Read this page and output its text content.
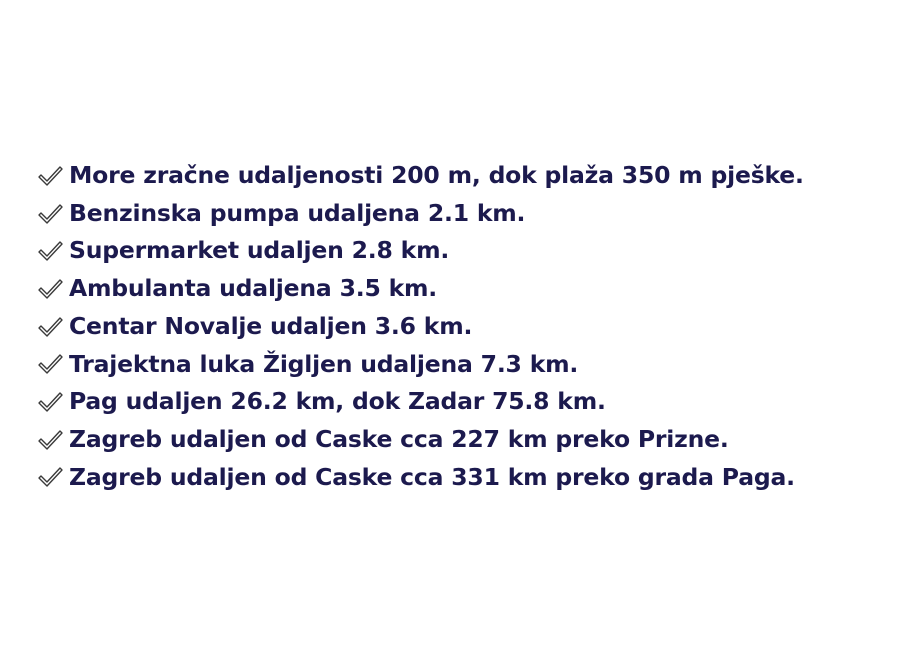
More zračne udaljenosti 200 m, dok plaža 350 m pješke.
Benzinska pumpa udaljena 2.1 km.
Supermarket udaljen 2.8 km.
Ambulanta udaljena 3.5 km.
Centar Novalje udaljen 3.6 km.
Trajektna luka Žigljen udaljena 7.3 km.
Pag udaljen 26.2 km, dok Zadar 75.8 km.
Zagreb udaljen od Caske cca 227 km preko Prizne.
Zagreb udaljen od Caske cca 331 km preko grada Paga.
